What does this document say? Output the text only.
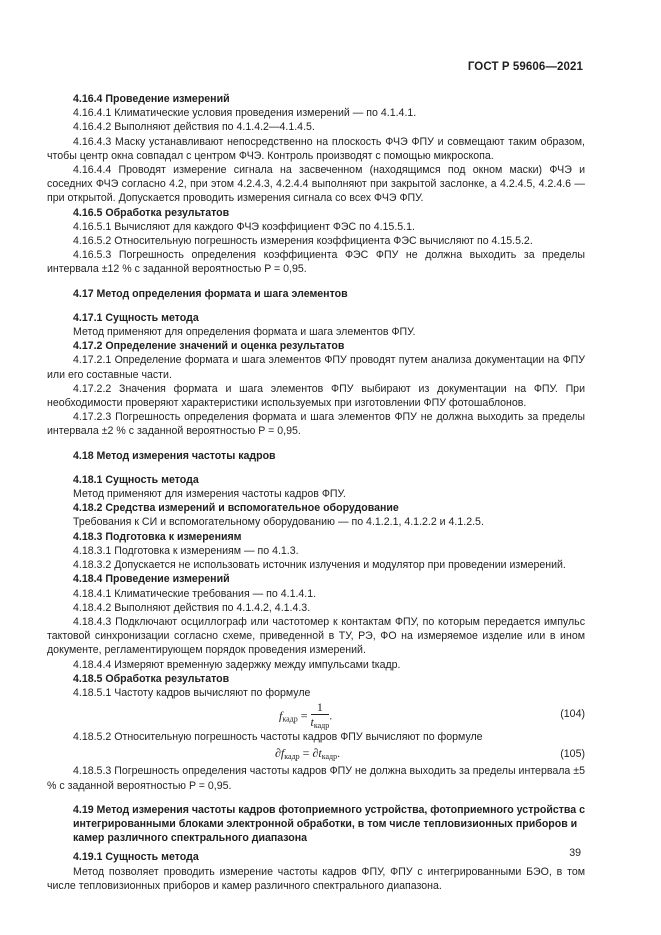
ГОСТ Р 59606—2021

4.16.4 Проведение измерений

4.16.4.1 Климатические условия проведения измерений — по 4.1.4.1.

4.16.4.2 Выполняют действия по 4.1.4.2—4.1.4.5.

4.16.4.3 Маску устанавливают непосредственно на плоскость ФЧЭ ФПУ и совмещают таким образом, чтобы центр окна совпадал с центром ФЧЭ. Контроль производят с помощью микроскопа.

4.16.4.4 Проводят измерение сигнала на засвеченном (находящимся под окном маски) ФЧЭ и соседних ФЧЭ согласно 4.2, при этом 4.2.4.3, 4.2.4.4 выполняют при закрытой заслонке, а 4.2.4.5, 4.2.4.6 — при открытой. Допускается проводить измерения сигнала со всех ФЧЭ ФПУ.

4.16.5 Обработка результатов

4.16.5.1 Вычисляют для каждого ФЧЭ коэффициент ФЭС по 4.15.5.1.

4.16.5.2 Относительную погрешность измерения коэффициента ФЭС вычисляют по 4.15.5.2.

4.16.5.3 Погрешность определения коэффициента ФЭС ФПУ не должна выходить за пределы интервала ±12 % с заданной вероятностью P = 0,95.

4.17 Метод определения формата и шага элементов

4.17.1 Сущность метода

Метод применяют для определения формата и шага элементов ФПУ.

4.17.2 Определение значений и оценка результатов

4.17.2.1 Определение формата и шага элементов ФПУ проводят путем анализа документации на ФПУ или его составные части.

4.17.2.2 Значения формата и шага элементов ФПУ выбирают из документации на ФПУ. При необходимости проверяют характеристики используемых при изготовлении ФПУ фотошаблонов.

4.17.2.3 Погрешность определения формата и шага элементов ФПУ не должна выходить за пределы интервала ±2 % с заданной вероятностью P = 0,95.

4.18 Метод измерения частоты кадров

4.18.1 Сущность метода

Метод применяют для измерения частоты кадров ФПУ.

4.18.2 Средства измерений и вспомогательное оборудование

Требования к СИ и вспомогательному оборудованию — по 4.1.2.1, 4.1.2.2 и 4.1.2.5.

4.18.3 Подготовка к измерениям

4.18.3.1 Подготовка к измерениям — по 4.1.3.

4.18.3.2 Допускается не использовать источник излучения и модулятор при проведении измерений.

4.18.4 Проведение измерений

4.18.4.1 Климатические требования — по 4.1.4.1.

4.18.4.2 Выполняют действия по 4.1.4.2, 4.1.4.3.

4.18.4.3 Подключают осциллограф или частотомер к контактам ФПУ, по которым передается импульс тактовой синхронизации согласно схеме, приведенной в ТУ, РЭ, ФО на измеряемое изделие или в ином документе, регламентирующем порядок проведения измерений.

4.18.4.4 Измеряют временную задержку между импульсами tкадр.

4.18.5 Обработка результатов

4.18.5.1 Частоту кадров вычисляют по формуле

$f_{кадр} = \frac{1}{t_{кадр}}$ .	(104)

4.18.5.2 Относительную погрешность частоты кадров ФПУ вычисляют по формуле

$\partial f_{кадр} = \partial t_{кадр}$.	(105)

4.18.5.3 Погрешность определения частоты кадров ФПУ не должна выходить за пределы интервала ±5 % с заданной вероятностью P = 0,95.

4.19 Метод измерения частоты кадров фотоприемного устройства, фотоприемного устройства с интегрированными блоками электронной обработки, в том числе тепловизионных приборов и камер различного спектрального диапазона

4.19.1 Сущность метода

Метод позволяет проводить измерение частоты кадров ФПУ, ФПУ с интегрированными БЭО, в том числе тепловизионных приборов и камер различного спектрального диапазона.

39
